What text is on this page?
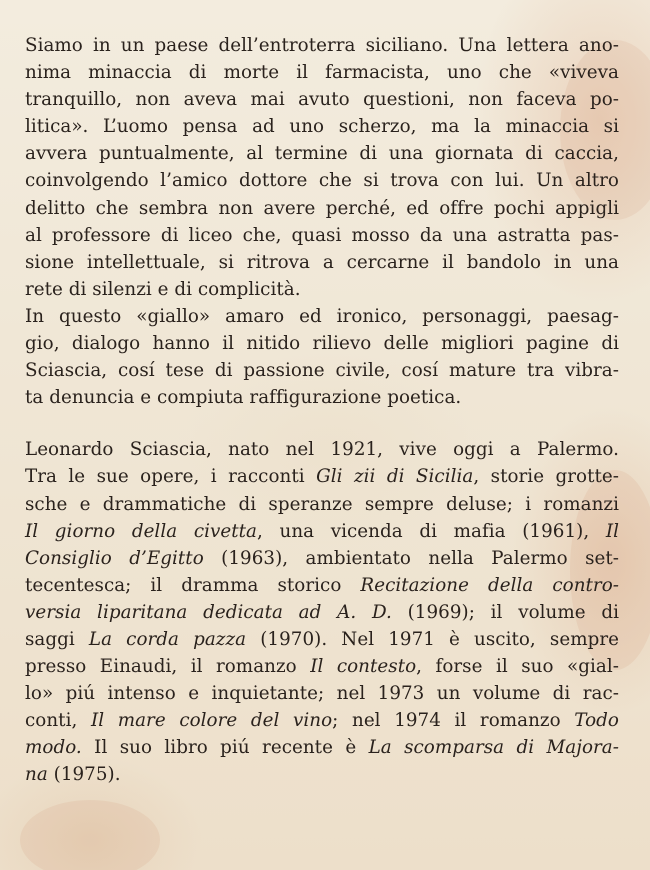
Siamo in un paese dell’entroterra siciliano. Una lettera ano-
nima minaccia di morte il farmacista, uno che «viveva
tranquillo, non aveva mai avuto questioni, non faceva po-
litica». L’uomo pensa ad uno scherzo, ma la minaccia si
avvera puntualmente, al termine di una giornata di caccia,
coinvolgendo l’amico dottore che si trova con lui. Un altro
delitto che sembra non avere perché, ed offre pochi appigli
al professore di liceo che, quasi mosso da una astratta pas-
sione intellettuale, si ritrova a cercarne il bandolo in una
rete di silenzi e di complicità.
In questo «giallo» amaro ed ironico, personaggi, paesag-
gio, dialogo hanno il nitido rilievo delle migliori pagine di
Sciascia, cosí tese di passione civile, cosí mature tra vibra-
ta denuncia e compiuta raffigurazione poetica.
Leonardo Sciascia, nato nel 1921, vive oggi a Palermo.
Tra le sue opere, i racconti Gli zii di Sicilia, storie grotte-
sche e drammatiche di speranze sempre deluse; i romanzi
Il giorno della civetta, una vicenda di mafia (1961), Il
Consiglio d’Egitto (1963), ambientato nella Palermo set-
tecentesca; il dramma storico Recitazione della contro-
versia liparitana dedicata ad A. D. (1969); il volume di
saggi La corda pazza (1970). Nel 1971 è uscito, sempre
presso Einaudi, il romanzo Il contesto, forse il suo «gial-
lo» piú intenso e inquietante; nel 1973 un volume di rac-
conti, Il mare colore del vino; nel 1974 il romanzo Todo
modo. Il suo libro piú recente è La scomparsa di Majora-
na (1975).
